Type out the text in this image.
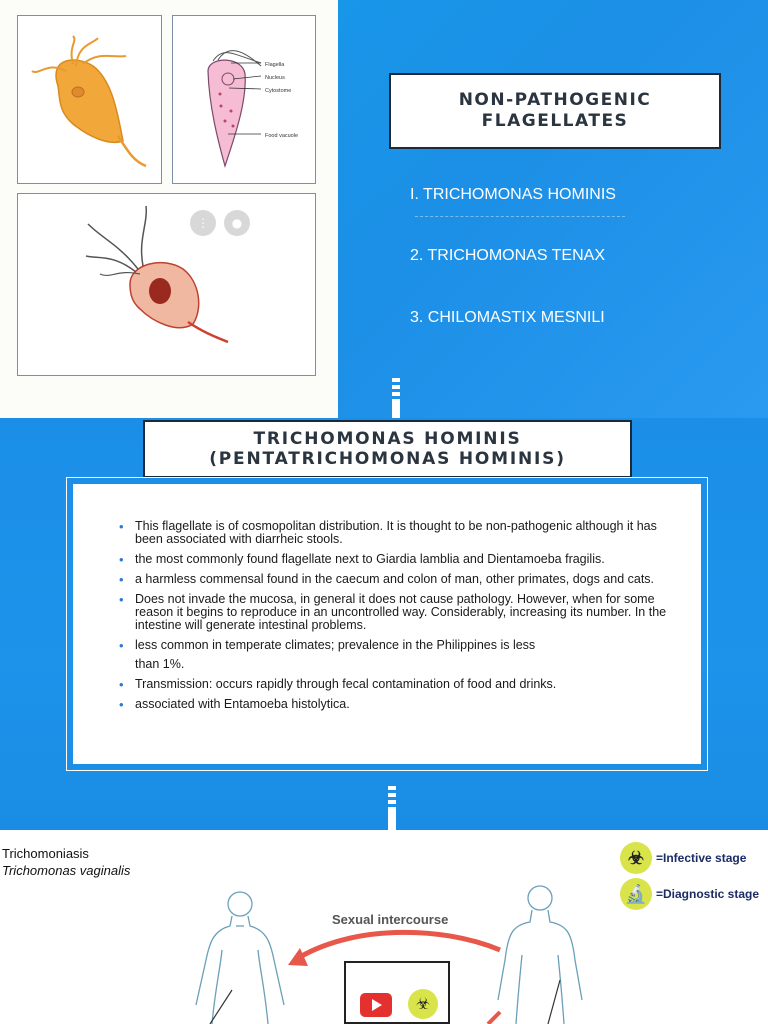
Flagella
Nucleus
Cytostome
Food vacuole
⋮	●
NON-PATHOGENIC
FLAGELLATES
I. TRICHOMONAS HOMINIS
2. TRICHOMONAS TENAX
3. CHILOMASTIX MESNILI
TRICHOMONAS HOMINIS
(PENTATRICHOMONAS HOMINIS)
• This flagellate is of cosmopolitan distribution. It is thought to be non-pathogenic although it has been associated with diarrheic stools.
• the most commonly found flagellate next to Giardia lamblia and Dientamoeba fragilis.
• a harmless commensal found in the caecum and colon of man, other primates, dogs and cats.
• Does not invade the mucosa, in general it does not cause pathology. However, when for some reason it begins to reproduce in an uncontrolled way. Considerably, increasing its number. In the intestine will generate intestinal problems.
• less common in temperate climates; prevalence in the Philippines is less
than 1%.
• Transmission: occurs rapidly through fecal contamination of food and drinks.
• associated with Entamoeba histolytica.
Trichomoniasis
Trichomonas vaginalis
☣ =Infective stage
🔬 =Diagnostic stage
Sexual intercourse
☣
